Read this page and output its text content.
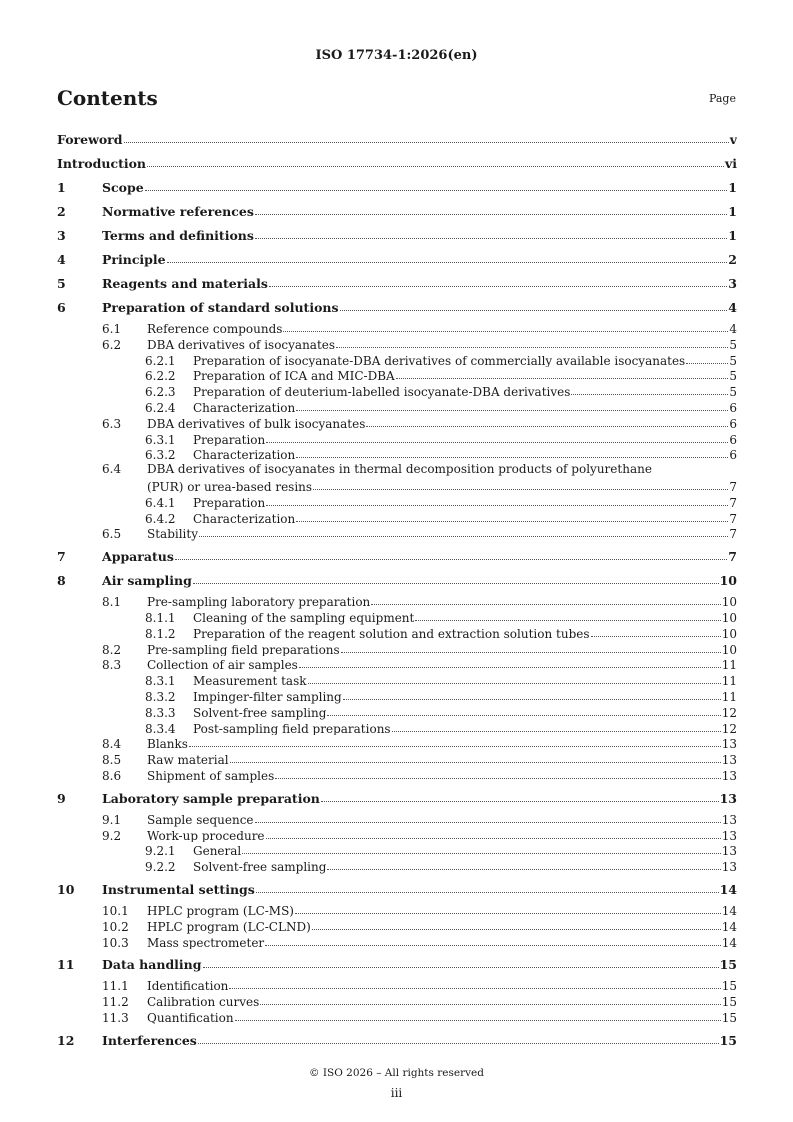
ISO 17734-1:2026(en)
Contents	Page
Foreword	v
Introduction	vi
1	Scope	1
2	Normative references	1
3	Terms and definitions	1
4	Principle	2
5	Reagents and materials	3
6	Preparation of standard solutions	4
6.1	Reference compounds	4
6.2	DBA derivatives of isocyanates	5
6.2.1	Preparation of isocyanate-DBA derivatives of commercially available isocyanates	5
6.2.2	Preparation of ICA and MIC-DBA	5
6.2.3	Preparation of deuterium-labelled isocyanate-DBA derivatives	5
6.2.4	Characterization	6
6.3	DBA derivatives of bulk isocyanates	6
6.3.1	Preparation	6
6.3.2	Characterization	6
6.4	DBA derivatives of isocyanates in thermal decomposition products of polyurethane
(PUR) or urea-based resins	7
6.4.1	Preparation	7
6.4.2	Characterization	7
6.5	Stability	7
7	Apparatus	7
8	Air sampling	10
8.1	Pre-sampling laboratory preparation	10
8.1.1	Cleaning of the sampling equipment	10
8.1.2	Preparation of the reagent solution and extraction solution tubes	10
8.2	Pre-sampling field preparations	10
8.3	Collection of air samples	11
8.3.1	Measurement task	11
8.3.2	Impinger-filter sampling	11
8.3.3	Solvent-free sampling	12
8.3.4	Post-sampling field preparations	12
8.4	Blanks	13
8.5	Raw material	13
8.6	Shipment of samples	13
9	Laboratory sample preparation	13
9.1	Sample sequence	13
9.2	Work-up procedure	13
9.2.1	General	13
9.2.2	Solvent-free sampling	13
10	Instrumental settings	14
10.1	HPLC program (LC-MS)	14
10.2	HPLC program (LC-CLND)	14
10.3	Mass spectrometer	14
11	Data handling	15
11.1	Identification	15
11.2	Calibration curves	15
11.3	Quantification	15
12	Interferences	15
© ISO 2026 – All rights reserved
iii
